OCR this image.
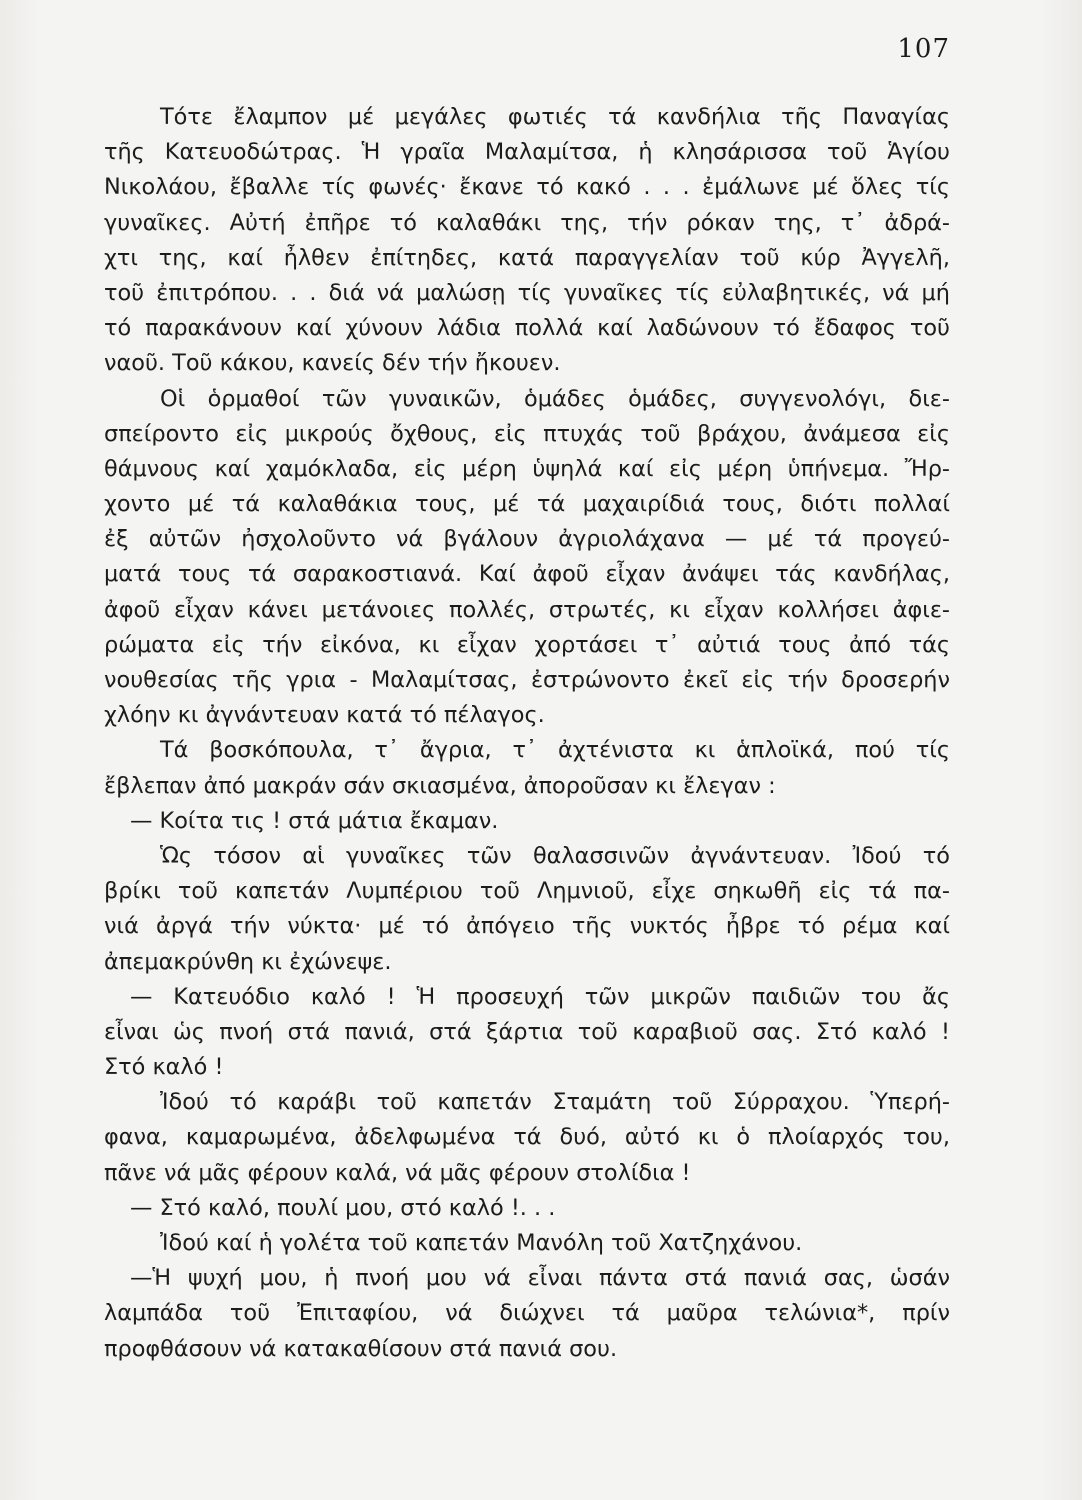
107
Τότε ἔλαμπον μέ μεγάλες φωτιές τά κανδήλια τῆς Παναγίας
τῆς Κατευοδώτρας. Ἡ γραῖα Μαλαμίτσα, ἡ κλησάρισσα τοῦ Ἁγίου
Νικολάου, ἔβαλλε τίς φωνές· ἔκανε τό κακό . . . ἐμάλωνε μέ ὅλες τίς
γυναῖκες. Αὐτή ἐπῆρε τό καλαθάκι της, τήν ρόκαν της, τ᾽ ἀδρά-
χτι της, καί ἦλθεν ἐπίτηδες, κατά παραγγελίαν τοῦ κύρ Ἀγγελῆ,
τοῦ ἐπιτρόπου. . . διά νά μαλώσῃ τίς γυναῖκες τίς εὐλαβητικές, νά μή
τό παρακάνουν καί χύνουν λάδια πολλά καί λαδώνουν τό ἔδαφος τοῦ
ναοῦ. Τοῦ κάκου, κανείς δέν τήν ἤκουεν.
Οἱ ὁρμαθοί τῶν γυναικῶν, ὁμάδες ὁμάδες, συγγενολόγι, διε-
σπείροντο εἰς μικρούς ὄχθους, εἰς πτυχάς τοῦ βράχου, ἀνάμεσα εἰς
θάμνους καί χαμόκλαδα, εἰς μέρη ὑψηλά καί εἰς μέρη ὑπήνεμα. Ἤρ-
χοντο μέ τά καλαθάκια τους, μέ τά μαχαιρίδιά τους, διότι πολλαί
ἐξ αὐτῶν ἠσχολοῦντο νά βγάλουν ἀγριολάχανα — μέ τά προγεύ-
ματά τους τά σαρακοστιανά. Καί ἀφοῦ εἶχαν ἀνάψει τάς κανδήλας,
ἀφοῦ εἶχαν κάνει μετάνοιες πολλές, στρωτές, κι εἶχαν κολλήσει ἀφιε-
ρώματα εἰς τήν εἰκόνα, κι εἶχαν χορτάσει τ᾽ αὐτιά τους ἀπό τάς
νουθεσίας τῆς γρια - Μαλαμίτσας, ἐστρώνοντο ἐκεῖ εἰς τήν δροσερήν
χλόην κι ἀγνάντευαν κατά τό πέλαγος.
Τά βοσκόπουλα, τ᾽ ἄγρια, τ᾽ ἀχτένιστα κι ἁπλοϊκά, πού τίς
ἔβλεπαν ἀπό μακράν σάν σκιασμένα, ἀποροῦσαν κι ἔλεγαν :
— Κοίτα τις ! στά μάτια ἔκαμαν.
Ὡς τόσον αἱ γυναῖκες τῶν θαλασσινῶν ἀγνάντευαν. Ἰδού τό
βρίκι τοῦ καπετάν Λυμπέριου τοῦ Λημνιοῦ, εἶχε σηκωθῆ εἰς τά πα-
νιά ἀργά τήν νύκτα· μέ τό ἀπόγειο τῆς νυκτός ἦβρε τό ρέμα καί
ἀπεμακρύνθη κι ἐχώνεψε.
— Κατευόδιο καλό ! Ἡ προσευχή τῶν μικρῶν παιδιῶν του ἄς
εἶναι ὡς πνοή στά πανιά, στά ξάρτια τοῦ καραβιοῦ σας. Στό καλό !
Στό καλό !
Ἰδού τό καράβι τοῦ καπετάν Σταμάτη τοῦ Σύρραχου. Ὑπερή-
φανα, καμαρωμένα, ἀδελφωμένα τά δυό, αὐτό κι ὁ πλοίαρχός του,
πᾶνε νά μᾶς φέρουν καλά, νά μᾶς φέρουν στολίδια !
— Στό καλό, πουλί μου, στό καλό !. . .
Ἰδού καί ἡ γολέτα τοῦ καπετάν Μανόλη τοῦ Χατζηχάνου.
—Ἡ ψυχή μου, ἡ πνοή μου νά εἶναι πάντα στά πανιά σας, ὡσάν
λαμπάδα τοῦ Ἐπιταφίου, νά διώχνει τά μαῦρα τελώνια*, πρίν
προφθάσουν νά κατακαθίσουν στά πανιά σου.
